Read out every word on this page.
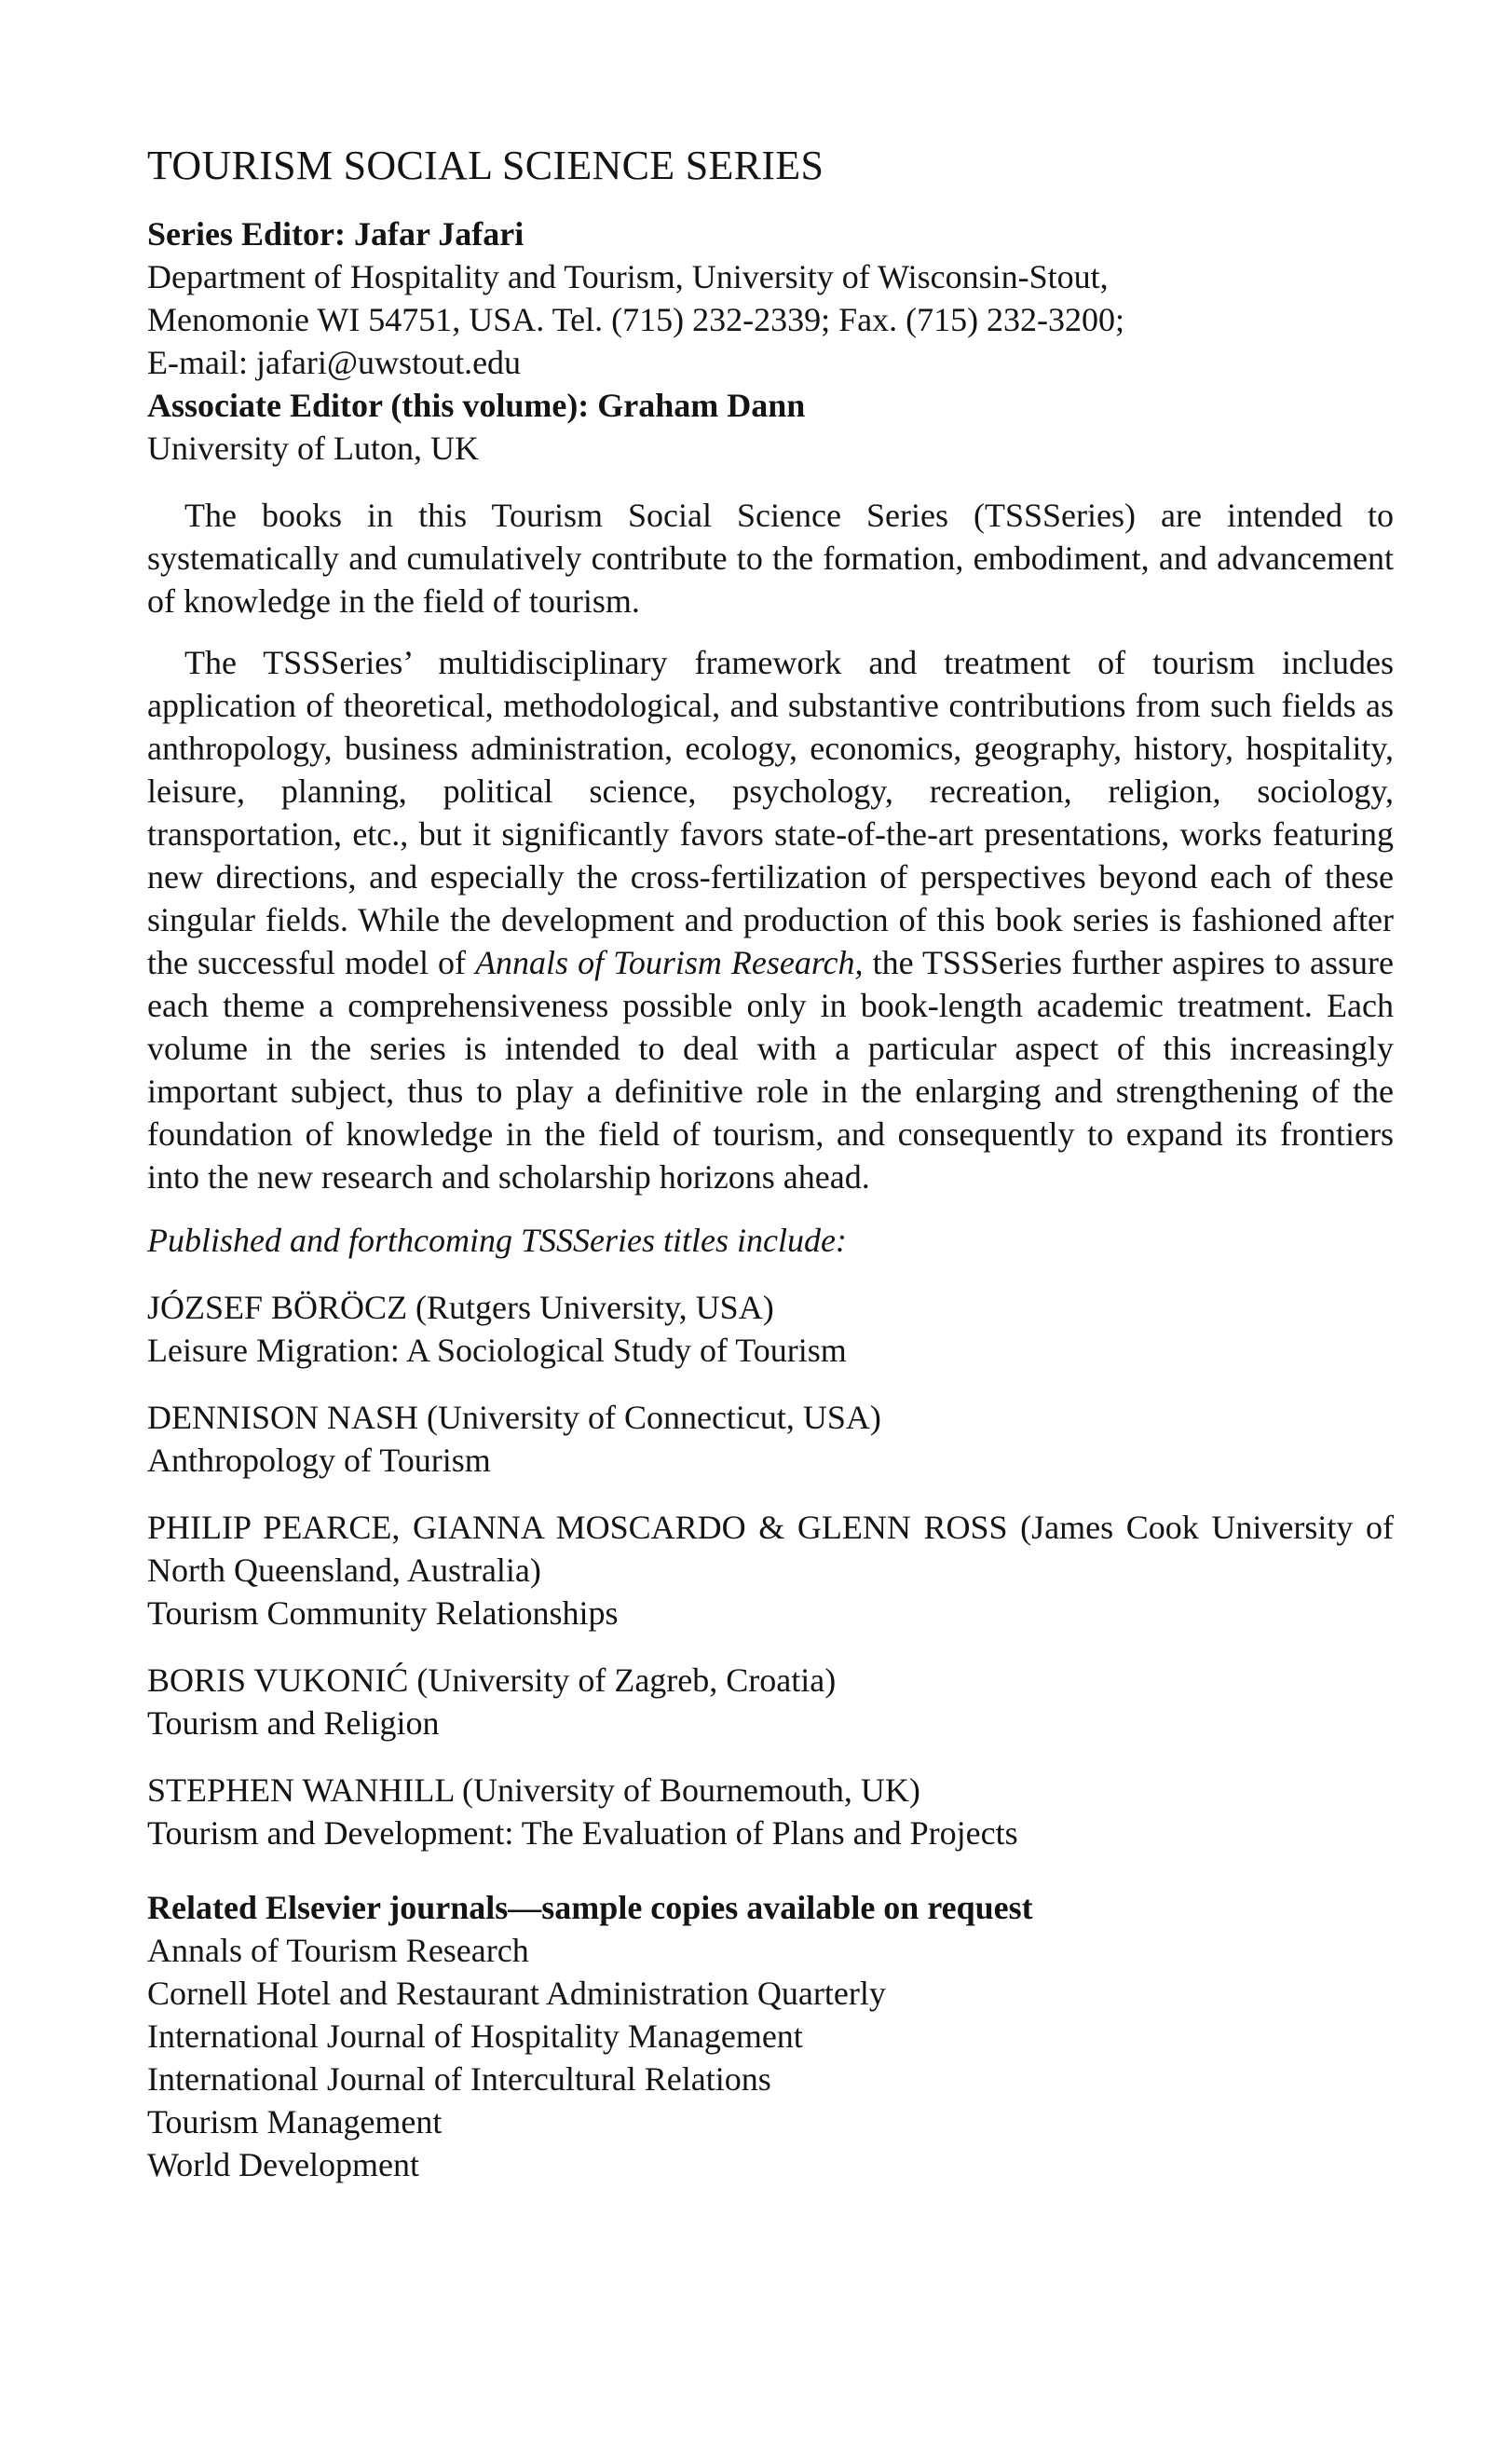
TOURISM SOCIAL SCIENCE SERIES
Series Editor: Jafar Jafari
Department of Hospitality and Tourism, University of Wisconsin-Stout,
Menomonie WI 54751, USA. Tel. (715) 232-2339; Fax. (715) 232-3200;
E-mail: jafari@uwstout.edu
Associate Editor (this volume): Graham Dann
University of Luton, UK

The books in this Tourism Social Science Series (TSSSeries) are intended to systematically and cumulatively contribute to the formation, embodiment, and advancement of knowledge in the field of tourism.

The TSSSeries’ multidisciplinary framework and treatment of tourism includes application of theoretical, methodological, and substantive contributions from such fields as anthropology, business administration, ecology, economics, geography, history, hospitality, leisure, planning, political science, psychology, recreation, religion, sociology, transportation, etc., but it significantly favors state-of-the-art presentations, works featuring new directions, and especially the cross-fertilization of perspectives beyond each of these singular fields. While the development and production of this book series is fashioned after the successful model of Annals of Tourism Research, the TSSSeries further aspires to assure each theme a comprehensiveness possible only in book-length academic treatment. Each volume in the series is intended to deal with a particular aspect of this increasingly important subject, thus to play a definitive role in the enlarging and strengthening of the foundation of knowledge in the field of tourism, and consequently to expand its frontiers into the new research and scholarship horizons ahead.

Published and forthcoming TSSSeries titles include:
JÓZSEF BÖRÖCZ (Rutgers University, USA)
Leisure Migration: A Sociological Study of Tourism
DENNISON NASH (University of Connecticut, USA)
Anthropology of Tourism
PHILIP PEARCE, GIANNA MOSCARDO & GLENN ROSS (James Cook University of North Queensland, Australia)
Tourism Community Relationships
BORIS VUKONIĆ (University of Zagreb, Croatia)
Tourism and Religion
STEPHEN WANHILL (University of Bournemouth, UK)
Tourism and Development: The Evaluation of Plans and Projects
Related Elsevier journals—sample copies available on request
Annals of Tourism Research
Cornell Hotel and Restaurant Administration Quarterly
International Journal of Hospitality Management
International Journal of Intercultural Relations
Tourism Management
World Development
